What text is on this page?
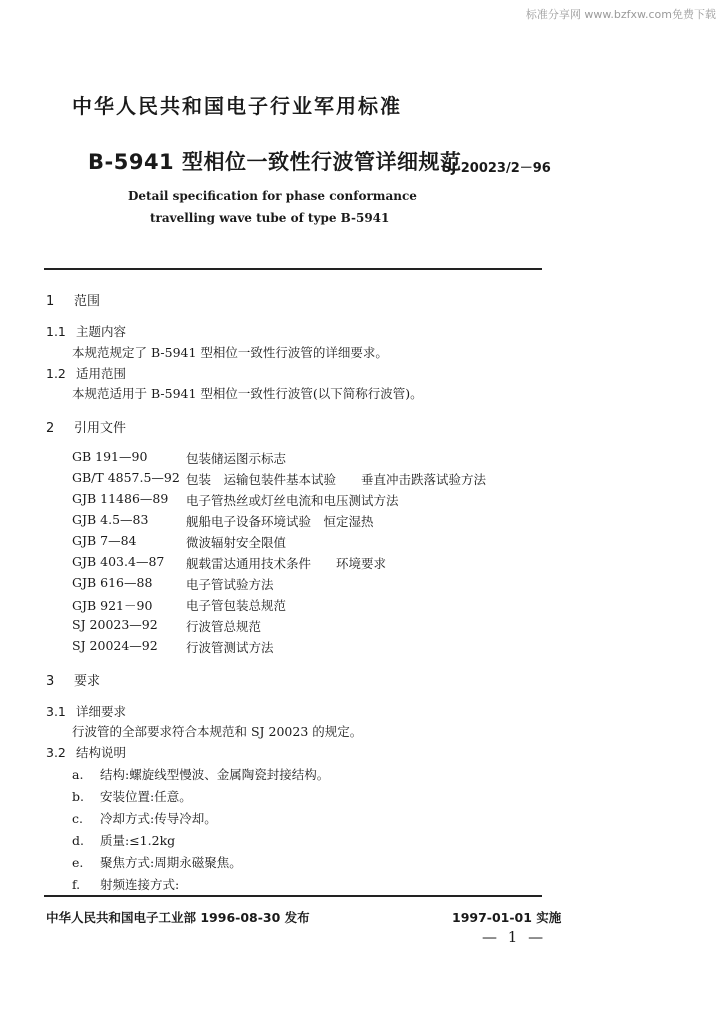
标准分享网 www.bzfxw.com免费下载
中华人民共和国电子行业军用标准
B-5941 型相位一致性行波管详细规范
SJ 20023/2－96
Detail specification for phase conformance
travelling wave tube of type B-5941
1 范围
1.1 主题内容
本规范规定了 B-5941 型相位一致性行波管的详细要求。
1.2 适用范围
本规范适用于 B-5941 型相位一致性行波管(以下简称行波管)。
2 引用文件
GB 191—90	包装储运图示标志
GB/T 4857.5—92 包装　运输包装件基本试验　　垂直冲击跌落试验方法
GJB 11486—89 电子管热丝或灯丝电流和电压测试方法
GJB 4.5—83	舰船电子设备环境试验　恒定湿热
GJB 7—84	微波辐射安全限值
GJB 403.4—87 舰载雷达通用技术条件　　环境要求
GJB 616—88	电子管试验方法
GJB 921－90	电子管包装总规范
SJ 20023—92 行波管总规范
SJ 20024—92 行波管测试方法
3 要求
3.1 详细要求
行波管的全部要求符合本规范和 SJ 20023 的规定。
3.2 结构说明
a. 结构:螺旋线型慢波、金属陶瓷封接结构。
b. 安装位置:任意。
c. 冷却方式:传导冷却。
d. 质量:≤1.2kg
e. 聚焦方式:周期永磁聚焦。
f. 射频连接方式:
中华人民共和国电子工业部 1996-08-30 发布	1997-01-01 实施
— 1 —
